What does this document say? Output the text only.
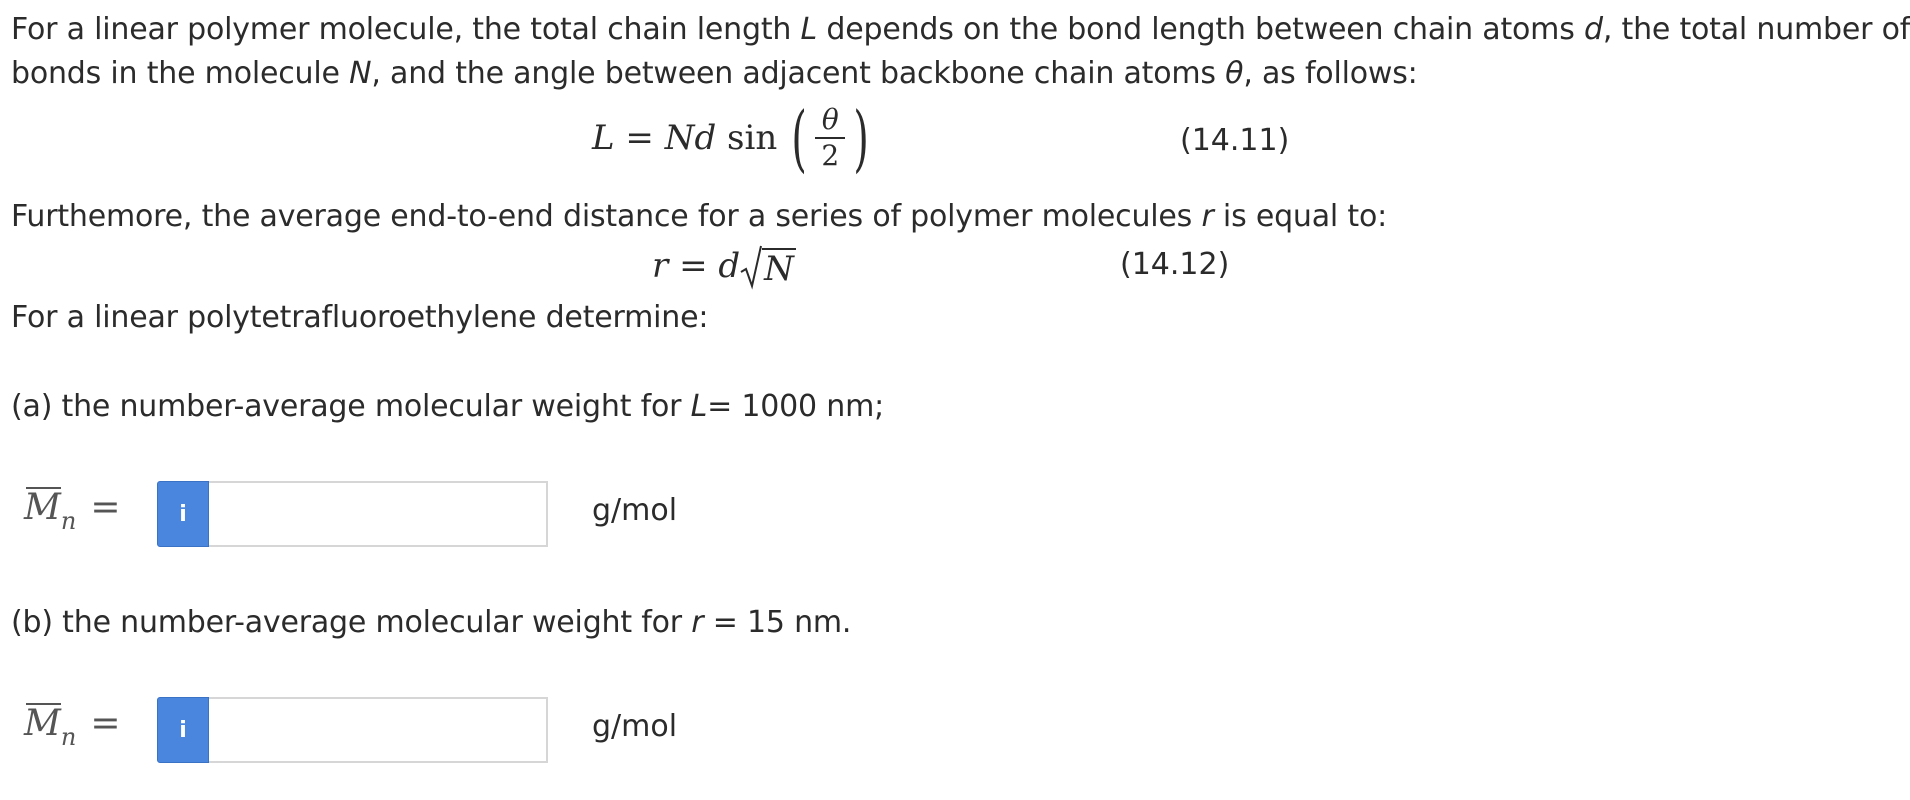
For a linear polymer molecule, the total chain length L depends on the bond length between chain atoms d, the total number of
bonds in the molecule N, and the angle between adjacent backbone chain atoms θ, as follows:
L = Nd sin ( $\frac{\theta}{2}$ )	(14.11)
Furthemore, the average end-to-end distance for a series of polymer molecules r is equal to:
r = d N	(14.12)
For a linear polytetrafluoroethylene determine:
(a) the number-average molecular weight for L= 1000 nm;
$M_n$ =	i	g/mol
(b) the number-average molecular weight for r = 15 nm.
$M_n$ =	i	g/mol
